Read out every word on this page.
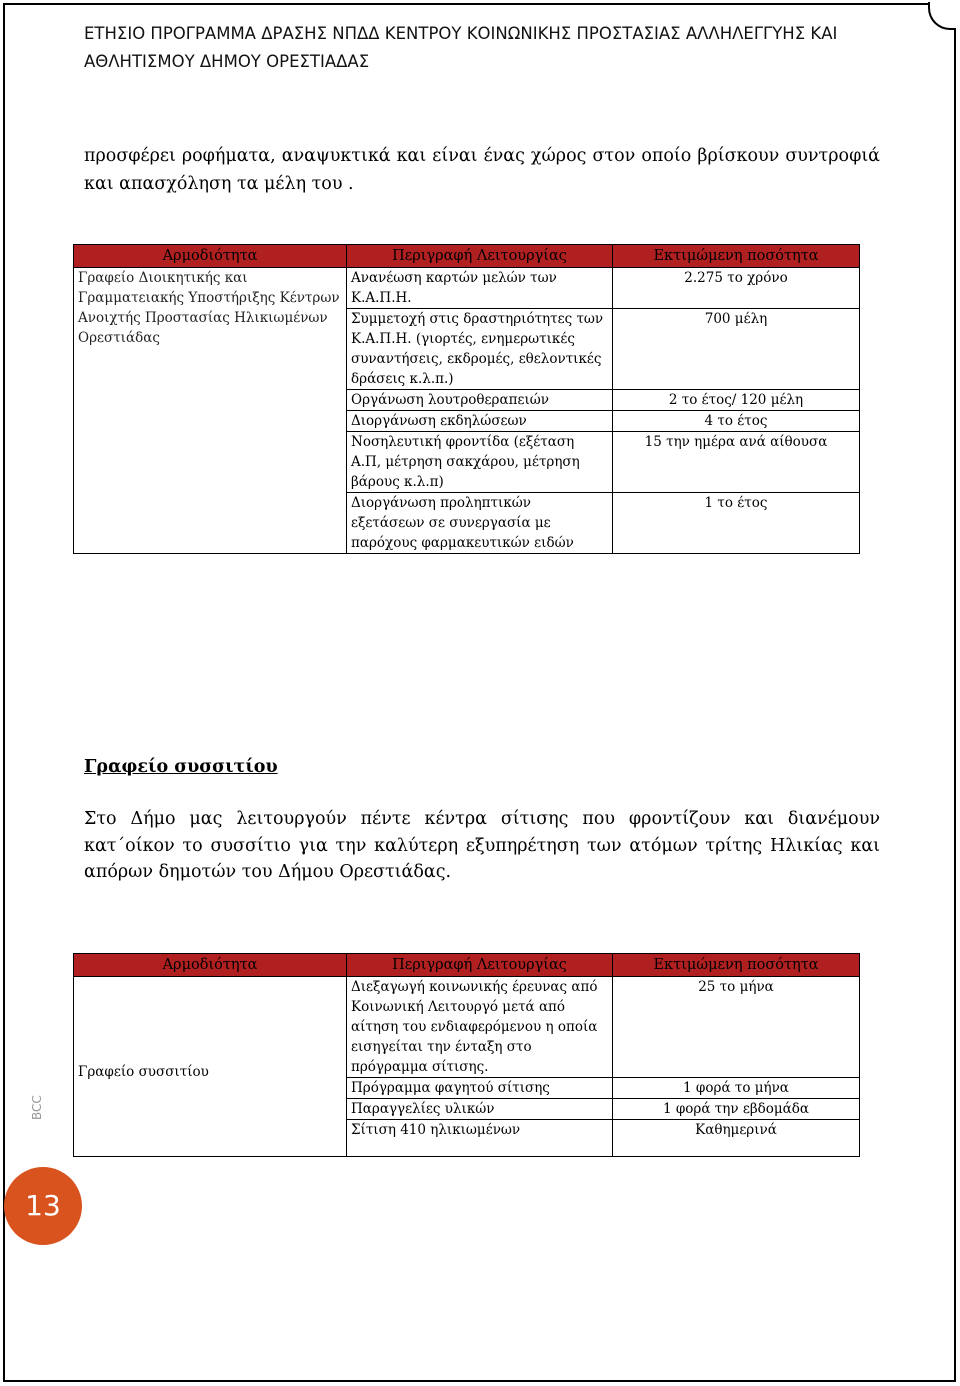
ΕΤΗΣΙΟ ΠΡΟΓΡΑΜΜΑ ΔΡΑΣΗΣ ΝΠΔΔ ΚΕΝΤΡΟΥ ΚΟΙΝΩΝΙΚΗΣ ΠΡΟΣΤΑΣΙΑΣ ΑΛΛΗΛΕΓΓΥΗΣ ΚΑΙ
ΑΘΛΗΤΙΣΜΟΥ ΔΗΜΟΥ ΟΡΕΣΤΙΑΔΑΣ

προσφέρει ροφήματα, αναψυκτικά και είναι ένας χώρος στον οποίο βρίσκουν συντροφιά και απασχόληση τα μέλη του .

Αρμοδιότητα	Περιγραφή Λειτουργίας	Εκτιμώμενη ποσότητα
Γραφείο Διοικητικής και Γραμματειακής Υποστήριξης Κέντρων Ανοιχτής Προστασίας Ηλικιωμένων Ορεστιάδας	Ανανέωση καρτών μελών των Κ.Α.Π.Η.	2.275 το χρόνο
	Συμμετοχή στις δραστηριότητες των Κ.Α.Π.Η. (γιορτές, ενημερωτικές συναντήσεις, εκδρομές, εθελοντικές δράσεις κ.λ.π.)	700 μέλη
	Οργάνωση λουτροθεραπειών	2 το έτος/ 120 μέλη
	Διοργάνωση εκδηλώσεων	4 το έτος
	Νοσηλευτική φροντίδα (εξέταση Α.Π, μέτρηση σακχάρου, μέτρηση βάρους κ.λ.π)	15 την ημέρα ανά αίθουσα
	Διοργάνωση προληπτικών εξετάσεων σε συνεργασία με παρόχους φαρμακευτικών ειδών	1 το έτος
Γραφείο συσσιτίου

Στο Δήμο μας λειτουργούν πέντε κέντρα σίτισης που φροντίζουν και διανέμουν κατ΄οίκον το συσσίτιο για την καλύτερη εξυπηρέτηση των ατόμων τρίτης Ηλικίας και απόρων δημοτών του Δήμου Ορεστιάδας.

Αρμοδιότητα	Περιγραφή Λειτουργίας	Εκτιμώμενη ποσότητα
Γραφείο συσσιτίου	Διεξαγωγή κοινωνικής έρευνας από Κοινωνική Λειτουργό μετά από αίτηση του ενδιαφερόμενου η οποία εισηγείται την ένταξη στο πρόγραμμα σίτισης.	25 το μήνα
	Πρόγραμμα φαγητού σίτισης	1 φορά το μήνα
	Παραγγελίες υλικών	1 φορά την εβδομάδα
	Σίτιση 410 ηλικιωμένων	Καθημερινά
BCC
13
